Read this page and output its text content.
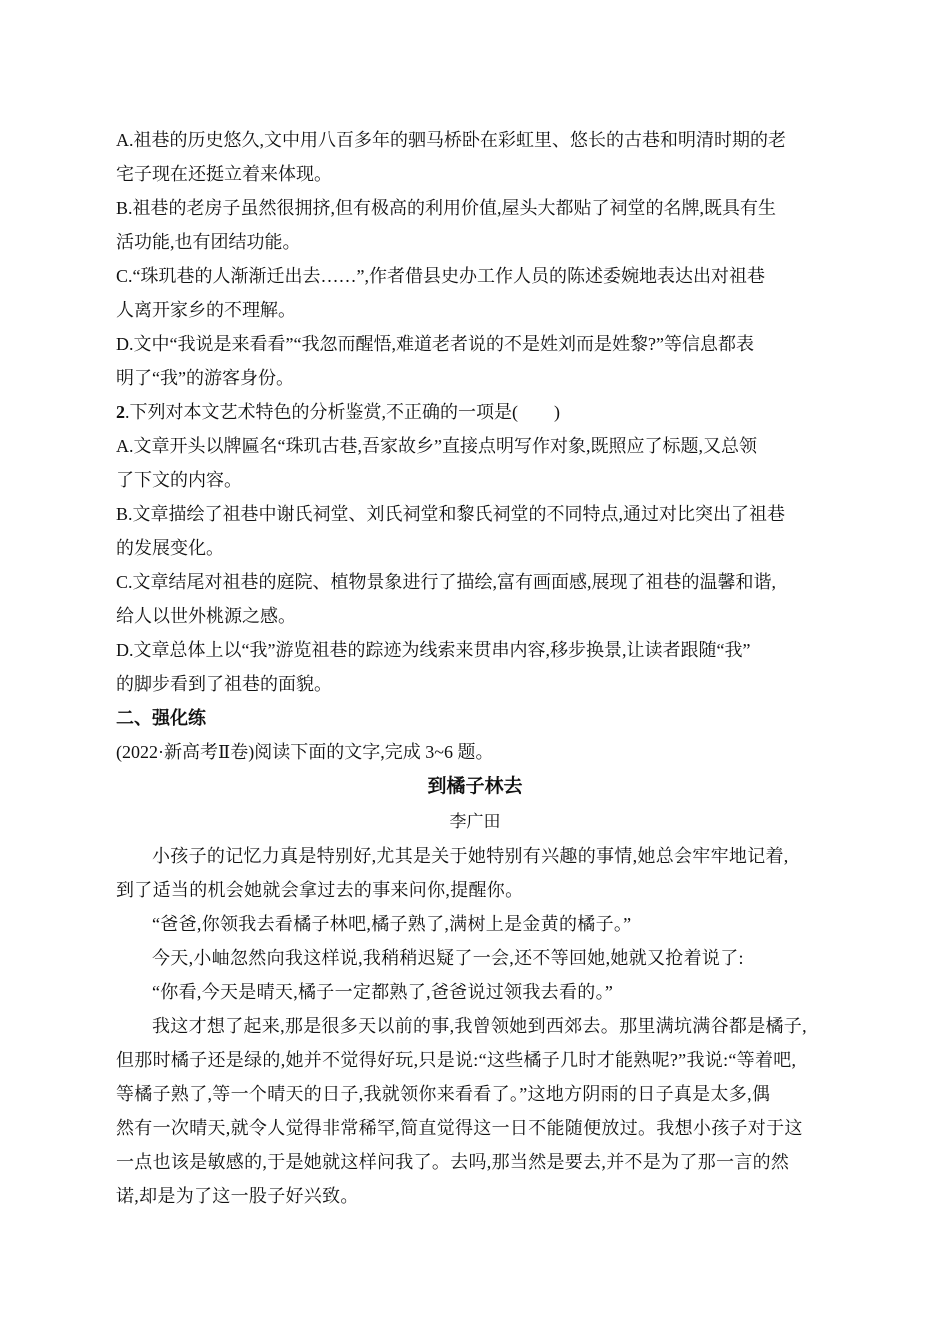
A.祖巷的历史悠久,文中用八百多年的驷马桥卧在彩虹里、悠长的古巷和明清时期的老

宅子现在还挺立着来体现。

B.祖巷的老房子虽然很拥挤,但有极高的利用价值,屋头大都贴了祠堂的名牌,既具有生

活功能,也有团结功能。

C.“珠玑巷的人渐渐迁出去……”,作者借县史办工作人员的陈述委婉地表达出对祖巷

人离开家乡的不理解。

D.文中“我说是来看看”“我忽而醒悟,难道老者说的不是姓刘而是姓黎?”等信息都表

明了“我”的游客身份。

2.下列对本文艺术特色的分析鉴赏,不正确的一项是(　　)

A.文章开头以牌匾名“珠玑古巷,吾家故乡”直接点明写作对象,既照应了标题,又总领

了下文的内容。

B.文章描绘了祖巷中谢氏祠堂、刘氏祠堂和黎氏祠堂的不同特点,通过对比突出了祖巷

的发展变化。

C.文章结尾对祖巷的庭院、植物景象进行了描绘,富有画面感,展现了祖巷的温馨和谐,

给人以世外桃源之感。

D.文章总体上以“我”游览祖巷的踪迹为线索来贯串内容,移步换景,让读者跟随“我”

的脚步看到了祖巷的面貌。

二、强化练

(2022·新高考Ⅱ卷)阅读下面的文字,完成 3~6 题。

到橘子林去

李广田

小孩子的记忆力真是特别好,尤其是关于她特别有兴趣的事情,她总会牢牢地记着,

到了适当的机会她就会拿过去的事来问你,提醒你。

“爸爸,你领我去看橘子林吧,橘子熟了,满树上是金黄的橘子。”

今天,小岫忽然向我这样说,我稍稍迟疑了一会,还不等回她,她就又抢着说了:

“你看,今天是晴天,橘子一定都熟了,爸爸说过领我去看的。”

我这才想了起来,那是很多天以前的事,我曾领她到西郊去。那里满坑满谷都是橘子,

但那时橘子还是绿的,她并不觉得好玩,只是说:“这些橘子几时才能熟呢?”我说:“等着吧,

等橘子熟了,等一个晴天的日子,我就领你来看看了。”这地方阴雨的日子真是太多,偶

然有一次晴天,就令人觉得非常稀罕,简直觉得这一日不能随便放过。我想小孩子对于这

一点也该是敏感的,于是她就这样问我了。去吗,那当然是要去,并不是为了那一言的然

诺,却是为了这一股子好兴致。
